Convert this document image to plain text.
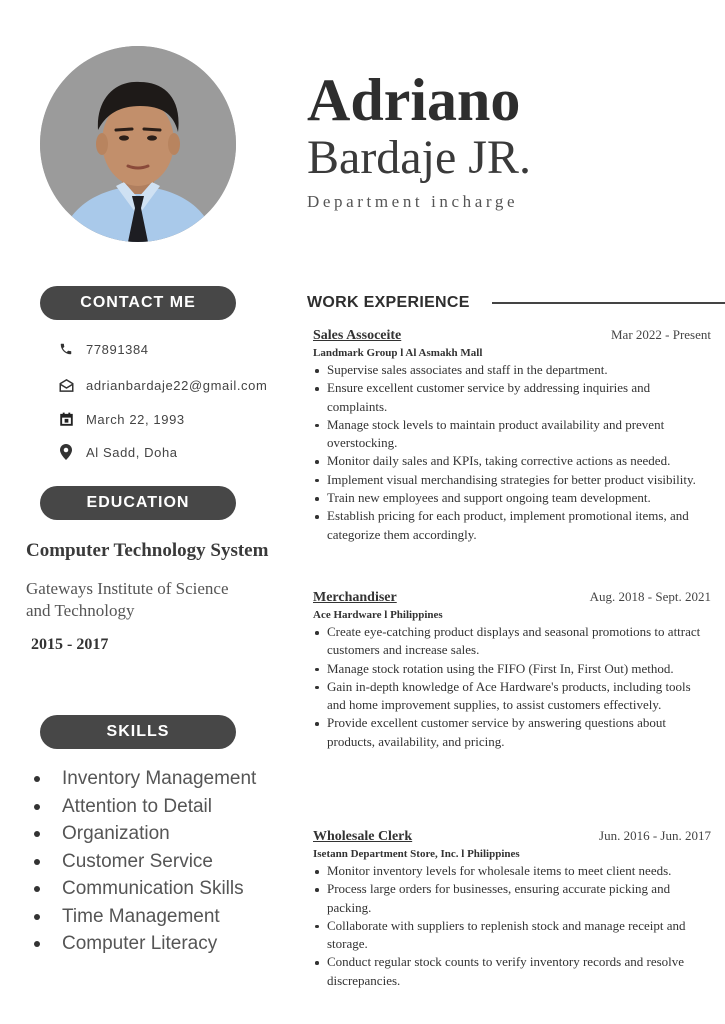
Adriano
Bardaje JR.
Department incharge
CONTACT ME
77891384
adrianbardaje22@gmail.com
March 22, 1993
Al Sadd, Doha
EDUCATION
Computer Technology System
Gateways Institute of Science and Technology
2015 - 2017
SKILLS
Inventory Management
Attention to Detail
Organization
Customer Service
Communication Skills
Time Management
Computer Literacy
WORK EXPERIENCE
Sales Assoceite	Mar 2022 - Present
Landmark Group l Al Asmakh Mall
Supervise sales associates and staff in the department.
Ensure excellent customer service by addressing inquiries and complaints.
Manage stock levels to maintain product availability and prevent overstocking.
Monitor daily sales and KPIs, taking corrective actions as needed.
Implement visual merchandising strategies for better product visibility.
Train new employees and support ongoing team development.
Establish pricing for each product, implement promotional items, and categorize them accordingly.
Merchandiser	Aug. 2018 - Sept. 2021
Ace Hardware l Philippines
Create eye-catching product displays and seasonal promotions to attract customers and increase sales.
Manage stock rotation using the FIFO (First In, First Out) method.
Gain in-depth knowledge of Ace Hardware's products, including tools and home improvement supplies, to assist customers effectively.
Provide excellent customer service by answering questions about products, availability, and pricing.
Wholesale Clerk	Jun. 2016 - Jun. 2017
Isetann Department Store, Inc. l Philippines
Monitor inventory levels for wholesale items to meet client needs.
Process large orders for businesses, ensuring accurate picking and packing.
Collaborate with suppliers to replenish stock and manage receipt and storage.
Conduct regular stock counts to verify inventory records and resolve discrepancies.
